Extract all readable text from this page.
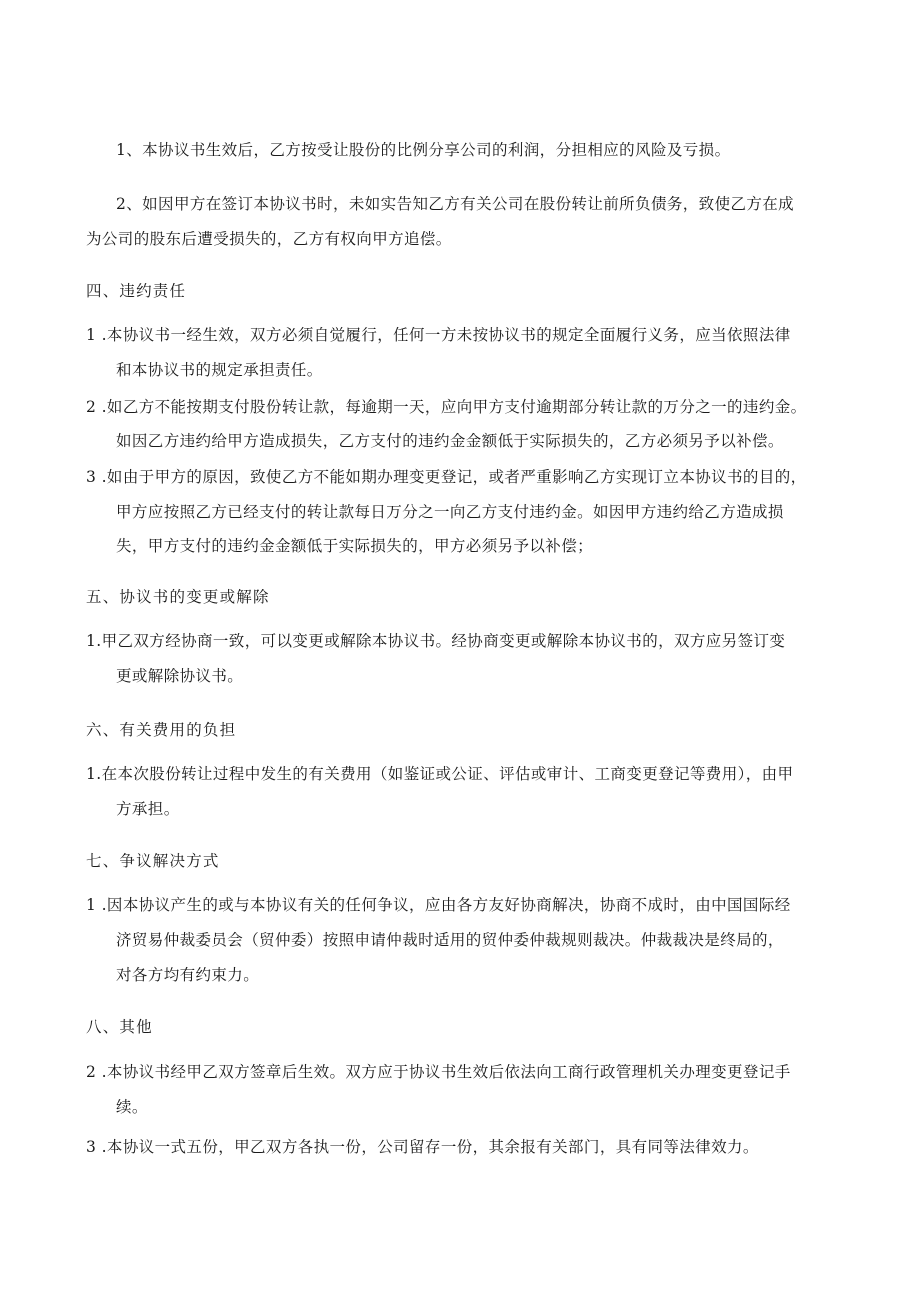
1、本协议书生效后，乙方按受让股份的比例分享公司的利润，分担相应的风险及亏损。
2、如因甲方在签订本协议书时，未如实告知乙方有关公司在股份转让前所负债务，致使乙方在成
为公司的股东后遭受损失的，乙方有权向甲方追偿。
四、违约责任
1 .本协议书一经生效，双方必须自觉履行，任何一方未按协议书的规定全面履行义务，应当依照法律
和本协议书的规定承担责任。
2 .如乙方不能按期支付股份转让款，每逾期一天，应向甲方支付逾期部分转让款的万分之一的违约金。
如因乙方违约给甲方造成损失，乙方支付的违约金金额低于实际损失的，乙方必须另予以补偿。
3 .如由于甲方的原因，致使乙方不能如期办理变更登记，或者严重影响乙方实现订立本协议书的目的，
甲方应按照乙方已经支付的转让款每日万分之一向乙方支付违约金。如因甲方违约给乙方造成损
失，甲方支付的违约金金额低于实际损失的，甲方必须另予以补偿；
五、协议书的变更或解除
1.甲乙双方经协商一致，可以变更或解除本协议书。经协商变更或解除本协议书的，双方应另签订变
更或解除协议书。
六、有关费用的负担
1.在本次股份转让过程中发生的有关费用（如鉴证或公证、评估或审计、工商变更登记等费用），由甲
方承担。
七、争议解决方式
1 .因本协议产生的或与本协议有关的任何争议，应由各方友好协商解决，协商不成时，由中国国际经
济贸易仲裁委员会（贸仲委）按照申请仲裁时适用的贸仲委仲裁规则裁决。仲裁裁决是终局的，
对各方均有约束力。
八、其他
2 .本协议书经甲乙双方签章后生效。双方应于协议书生效后依法向工商行政管理机关办理变更登记手
续。
3 .本协议一式五份，甲乙双方各执一份，公司留存一份，其余报有关部门，具有同等法律效力。
